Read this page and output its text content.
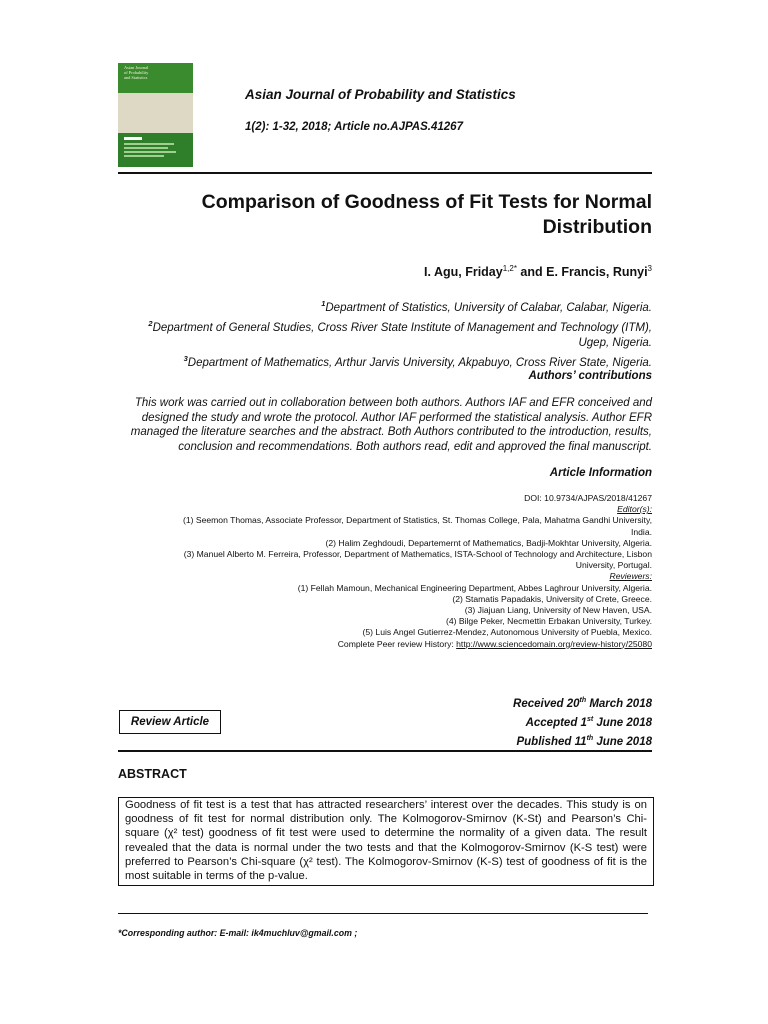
Asian Journal
of Probability
and Statistics
Asian Journal of Probability and Statistics
1(2): 1-32, 2018; Article no.AJPAS.41267
Comparison of Goodness of Fit Tests for Normal
Distribution
I. Agu, Friday$^{1,2*}$ and E. Francis, Runyi$^3$

$^1$Department of Statistics, University of Calabar, Calabar, Nigeria.

$^2$Department of General Studies, Cross River State Institute of Management and Technology (ITM),
Ugep, Nigeria.

$^3$Department of Mathematics, Arthur Jarvis University, Akpabuyo, Cross River State, Nigeria.

Authors’ contributions
This work was carried out in collaboration between both authors. Authors IAF and EFR conceived and designed the study and wrote the protocol. Author IAF performed the statistical analysis. Author EFR managed the literature searches and the abstract. Both Authors contributed to the introduction, results, conclusion and recommendations. Both authors read, edit and approved the final manuscript.
Article Information

DOI: 10.9734/AJPAS/2018/41267

Editor(s):

(1) Seemon Thomas, Associate Professor, Department of Statistics, St. Thomas College, Pala, Mahatma Gandhi University,

India.

(2) Halim Zeghdoudi, Departemernt of Mathematics, Badji-Mokhtar University, Algeria.

(3) Manuel Alberto M. Ferreira, Professor, Department of Mathematics, ISTA-School of Technology and Architecture, Lisbon

University, Portugal.

Reviewers:

(1) Fellah Mamoun, Mechanical Engineering Department, Abbes Laghrour University, Algeria.

(2) Stamatis Papadakis, University of Crete, Greece.

(3) Jiajuan Liang, University of New Haven, USA.

(4) Bilge Peker, Necmettin Erbakan University, Turkey.

(5) Luis Angel Gutierrez-Mendez, Autonomous University of Puebla, Mexico.

Complete Peer review History: http://www.sciencedomain.org/review-history/25080

Received 20th March 2018
Accepted 1st June 2018
Published 11th June 2018
Review Article
ABSTRACT
Goodness of fit test is a test that has attracted researchers’ interest over the decades. This study is on goodness of fit test for normal distribution only. The Kolmogorov-Smirnov (K-St) and Pearson’s Chi-square (χ² test) goodness of fit test were used to determine the normality of a given data. The result revealed that the data is normal under the two tests and that the Kolmogorov-Smirnov (K-S test) were preferred to Pearson’s Chi-square (χ² test). The Kolmogorov-Smirnov (K-S) test of goodness of fit is the most suitable in terms of the p-value.
*Corresponding author: E-mail: ik4muchluv@gmail.com ;
